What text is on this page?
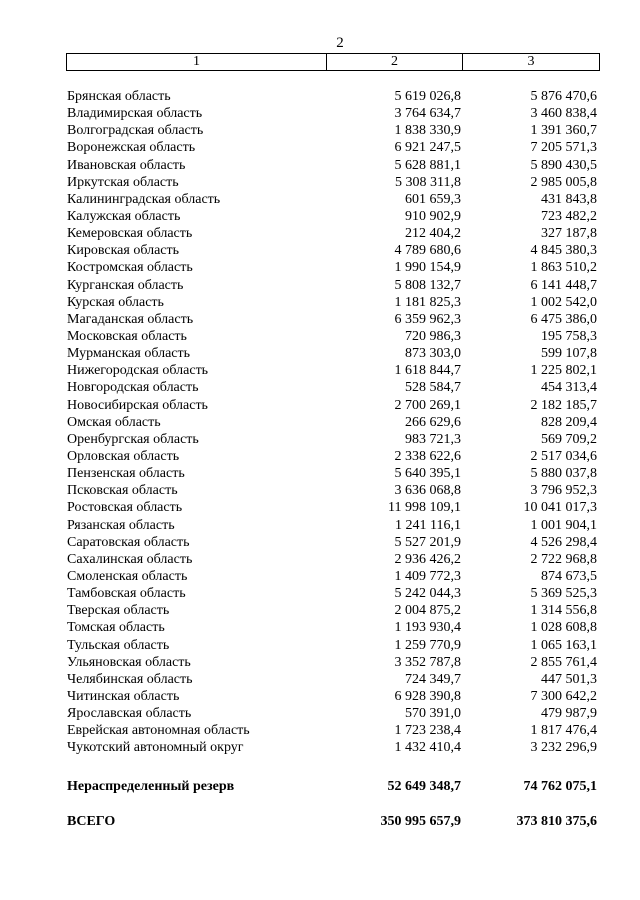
2
1	2	3
Брянская область	5 619 026,8	5 876 470,6
Владимирская область	3 764 634,7	3 460 838,4
Волгоградская область	1 838 330,9	1 391 360,7
Воронежская область	6 921 247,5	7 205 571,3
Ивановская область	5 628 881,1	5 890 430,5
Иркутская область	5 308 311,8	2 985 005,8
Калининградская область	601 659,3	431 843,8
Калужская область	910 902,9	723 482,2
Кемеровская область	212 404,2	327 187,8
Кировская область	4 789 680,6	4 845 380,3
Костромская область	1 990 154,9	1 863 510,2
Курганская область	5 808 132,7	6 141 448,7
Курская область	1 181 825,3	1 002 542,0
Магаданская область	6 359 962,3	6 475 386,0
Московская область	720 986,3	195 758,3
Мурманская область	873 303,0	599 107,8
Нижегородская область	1 618 844,7	1 225 802,1
Новгородская область	528 584,7	454 313,4
Новосибирская область	2 700 269,1	2 182 185,7
Омская область	266 629,6	828 209,4
Оренбургская область	983 721,3	569 709,2
Орловская область	2 338 622,6	2 517 034,6
Пензенская область	5 640 395,1	5 880 037,8
Псковская область	3 636 068,8	3 796 952,3
Ростовская область	11 998 109,1	10 041 017,3
Рязанская область	1 241 116,1	1 001 904,1
Саратовская область	5 527 201,9	4 526 298,4
Сахалинская область	2 936 426,2	2 722 968,8
Смоленская область	1 409 772,3	874 673,5
Тамбовская область	5 242 044,3	5 369 525,3
Тверская область	2 004 875,2	1 314 556,8
Томская область	1 193 930,4	1 028 608,8
Тульская область	1 259 770,9	1 065 163,1
Ульяновская область	3 352 787,8	2 855 761,4
Челябинская область	724 349,7	447 501,3
Читинская область	6 928 390,8	7 300 642,2
Ярославская область	570 391,0	479 987,9
Еврейская автономная область	1 723 238,4	1 817 476,4
Чукотский автономный округ	1 432 410,4	3 232 296,9
Нераспределенный резерв	52 649 348,7	74 762 075,1
ВСЕГО	350 995 657,9	373 810 375,6
